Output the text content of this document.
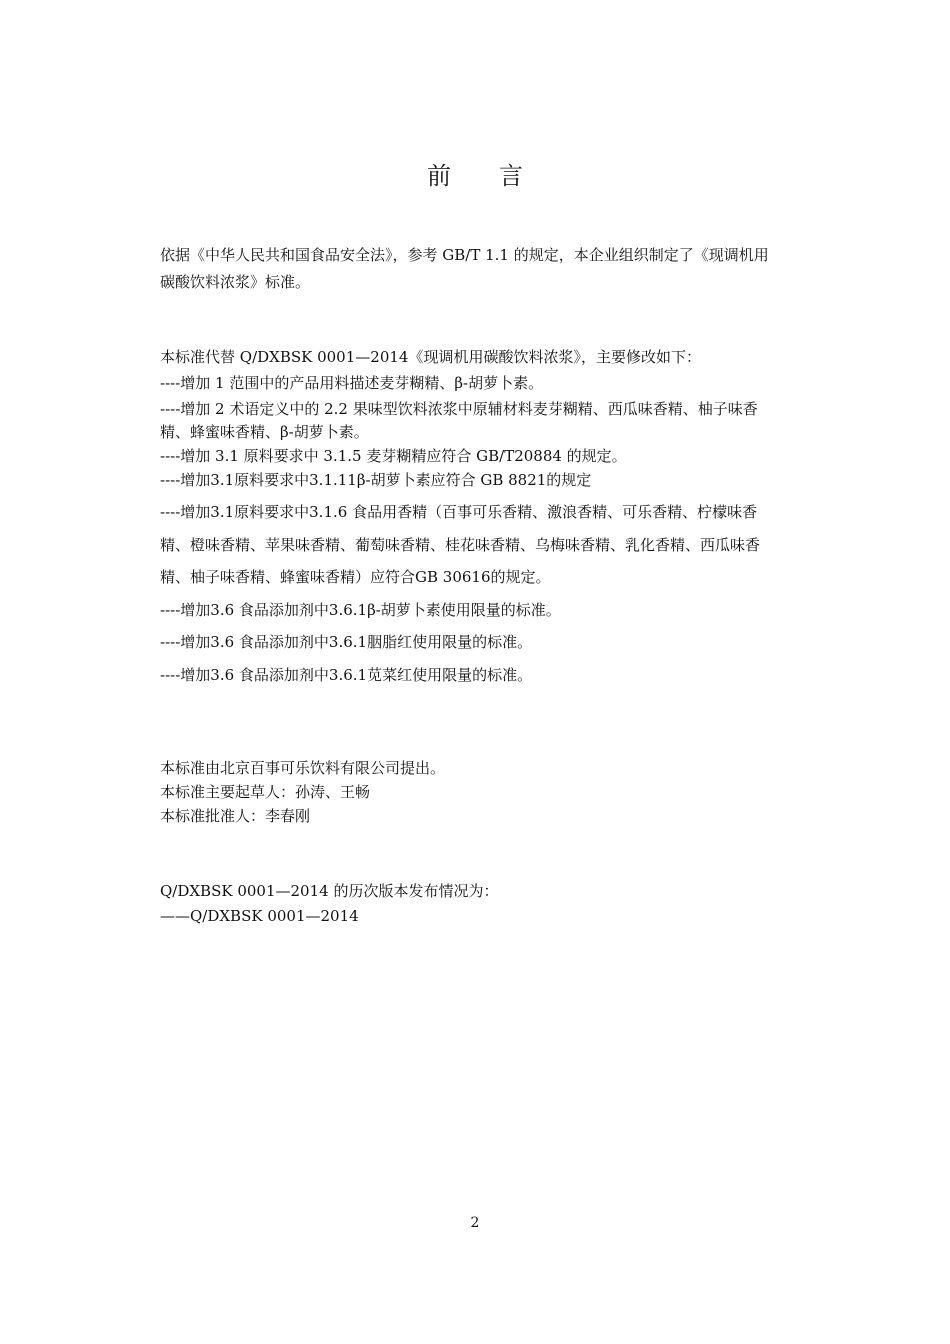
前言
依据《中华人民共和国食品安全法》，参考 GB/T 1.1 的规定，本企业组织制定了《现调机用
碳酸饮料浓浆》标准。
本标准代替 Q/DXBSK 0001—2014《现调机用碳酸饮料浓浆》，主要修改如下：
----增加 1 范围中的产品用料描述麦芽糊精、β-胡萝卜素。
----增加 2 术语定义中的 2.2 果味型饮料浓浆中原辅材料麦芽糊精、西瓜味香精、柚子味香
精、蜂蜜味香精、β-胡萝卜素。
----增加 3.1 原料要求中 3.1.5 麦芽糊精应符合 GB/T20884 的规定。
----增加3.1原料要求中3.1.11β-胡萝卜素应符合 GB 8821的规定
----增加3.1原料要求中3.1.6 食品用香精（百事可乐香精、激浪香精、可乐香精、柠檬味香
精、橙味香精、苹果味香精、葡萄味香精、桂花味香精、乌梅味香精、乳化香精、西瓜味香
精、柚子味香精、蜂蜜味香精）应符合GB 30616的规定。
----增加3.6 食品添加剂中3.6.1β-胡萝卜素使用限量的标准。
----增加3.6 食品添加剂中3.6.1胭脂红使用限量的标准。
----增加3.6 食品添加剂中3.6.1苋菜红使用限量的标准。
本标准由北京百事可乐饮料有限公司提出。
本标准主要起草人：孙涛、王畅
本标准批准人：李春刚
Q/DXBSK 0001—2014 的历次版本发布情况为：
——Q/DXBSK 0001—2014
2
